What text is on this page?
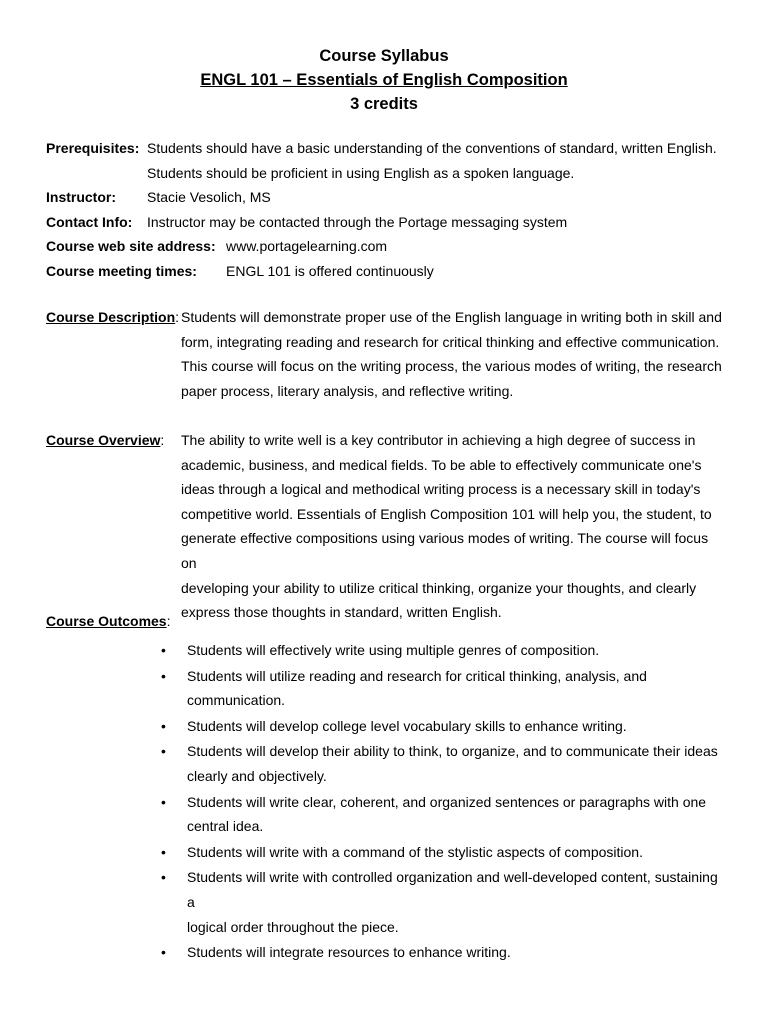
Course Syllabus
ENGL 101 – Essentials of English Composition
3 credits
Prerequisites: Students should have a basic understanding of the conventions of standard, written English.
Students should be proficient in using English as a spoken language.
Instructor: Stacie Vesolich, MS
Contact Info: Instructor may be contacted through the Portage messaging system
Course web site address: www.portagelearning.com
Course meeting times: ENGL 101 is offered continuously
Course Description: Students will demonstrate proper use of the English language in writing both in skill and
form, integrating reading and research for critical thinking and effective communication.
This course will focus on the writing process, the various modes of writing, the research
paper process, literary analysis, and reflective writing.
Course Overview: The ability to write well is a key contributor in achieving a high degree of success in
academic, business, and medical fields. To be able to effectively communicate one's
ideas through a logical and methodical writing process is a necessary skill in today's
competitive world. Essentials of English Composition 101 will help you, the student, to
generate effective compositions using various modes of writing. The course will focus on
developing your ability to utilize critical thinking, organize your thoughts, and clearly
express those thoughts in standard, written English.
Course Outcomes:
• Students will effectively write using multiple genres of composition.
• Students will utilize reading and research for critical thinking, analysis, and
communication.
• Students will develop college level vocabulary skills to enhance writing.
• Students will develop their ability to think, to organize, and to communicate their ideas
clearly and objectively.
• Students will write clear, coherent, and organized sentences or paragraphs with one
central idea.
• Students will write with a command of the stylistic aspects of composition.
• Students will write with controlled organization and well-developed content, sustaining a
logical order throughout the piece.
• Students will integrate resources to enhance writing.
